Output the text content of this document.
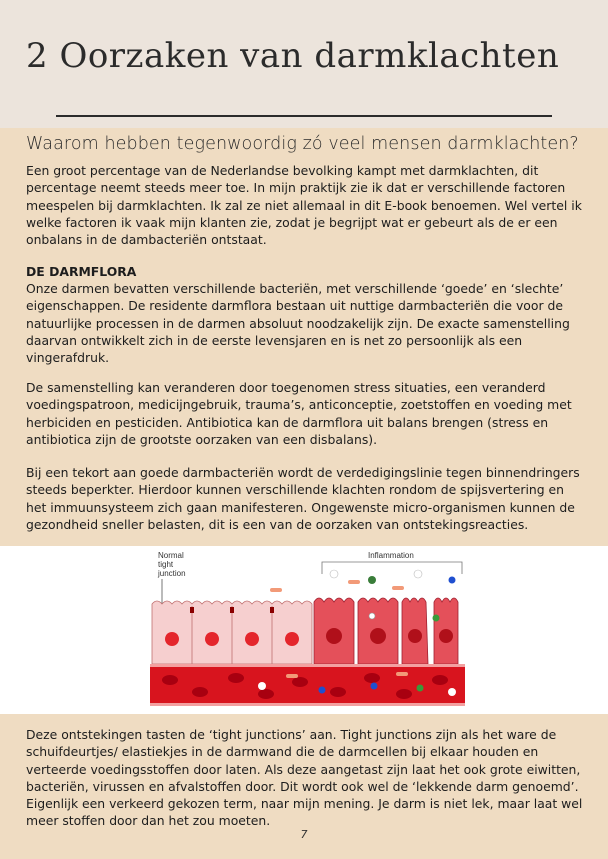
2 Oorzaken van darmklachten
Waarom hebben tegenwoordig zó veel mensen darmklachten?

Een groot percentage van de Nederlandse bevolking kampt met darmklachten, dit percentage neemt steeds meer toe. In mijn praktijk zie ik dat er verschillende factoren meespelen bij darmklachten. Ik zal ze niet allemaal in dit E-book benoemen. Wel vertel ik welke factoren ik vaak mijn klanten zie, zodat je begrijpt wat er gebeurt als de er een onbalans in de dambacteriën ontstaat.

DE DARMFLORA

Onze darmen bevatten verschillende bacteriën, met verschillende ‘goede’ en ‘slechte’ eigenschappen. De residente darmflora bestaan uit nuttige darmbacteriën die voor de natuurlijke processen in de darmen absoluut noodzakelijk zijn. De exacte samenstelling daarvan ontwikkelt zich in de eerste levensjaren en is net zo persoonlijk als een vingerafdruk.

De samenstelling kan veranderen door toegenomen stress situaties, een veranderd voedingspatroon, medicijngebruik, trauma’s, anticonceptie, zoetstoffen en voeding met herbiciden en pesticiden. Antibiotica kan de darmflora uit balans brengen (stress en antibiotica zijn de grootste oorzaken van een disbalans).

Bij een tekort aan goede darmbacteriën wordt de verdedigingslinie tegen binnendringers steeds beperkter. Hierdoor kunnen verschillende klachten rondom de spijsvertering en het immuunsysteem zich gaan manifesteren. Ongewenste micro-organismen kunnen de gezondheid sneller belasten, dit is een van de oorzaken van ontstekingsreacties.

Normal
tight
junction
Inflammation

Deze ontstekingen tasten de ‘tight junctions’ aan. Tight junctions zijn als het ware de schuifdeurtjes/ elastiekjes in de darmwand die de darmcellen bij elkaar houden en verteerde voedingsstoffen door laten. Als deze aangetast zijn laat het ook grote eiwitten, bacteriën, virussen en afvalstoffen door. Dit wordt ook wel de ‘lekkende darm genoemd’. Eigenlijk een verkeerd gekozen term, naar mijn mening. Je darm is niet lek, maar laat wel meer stoffen door dan het zou moeten.

7
